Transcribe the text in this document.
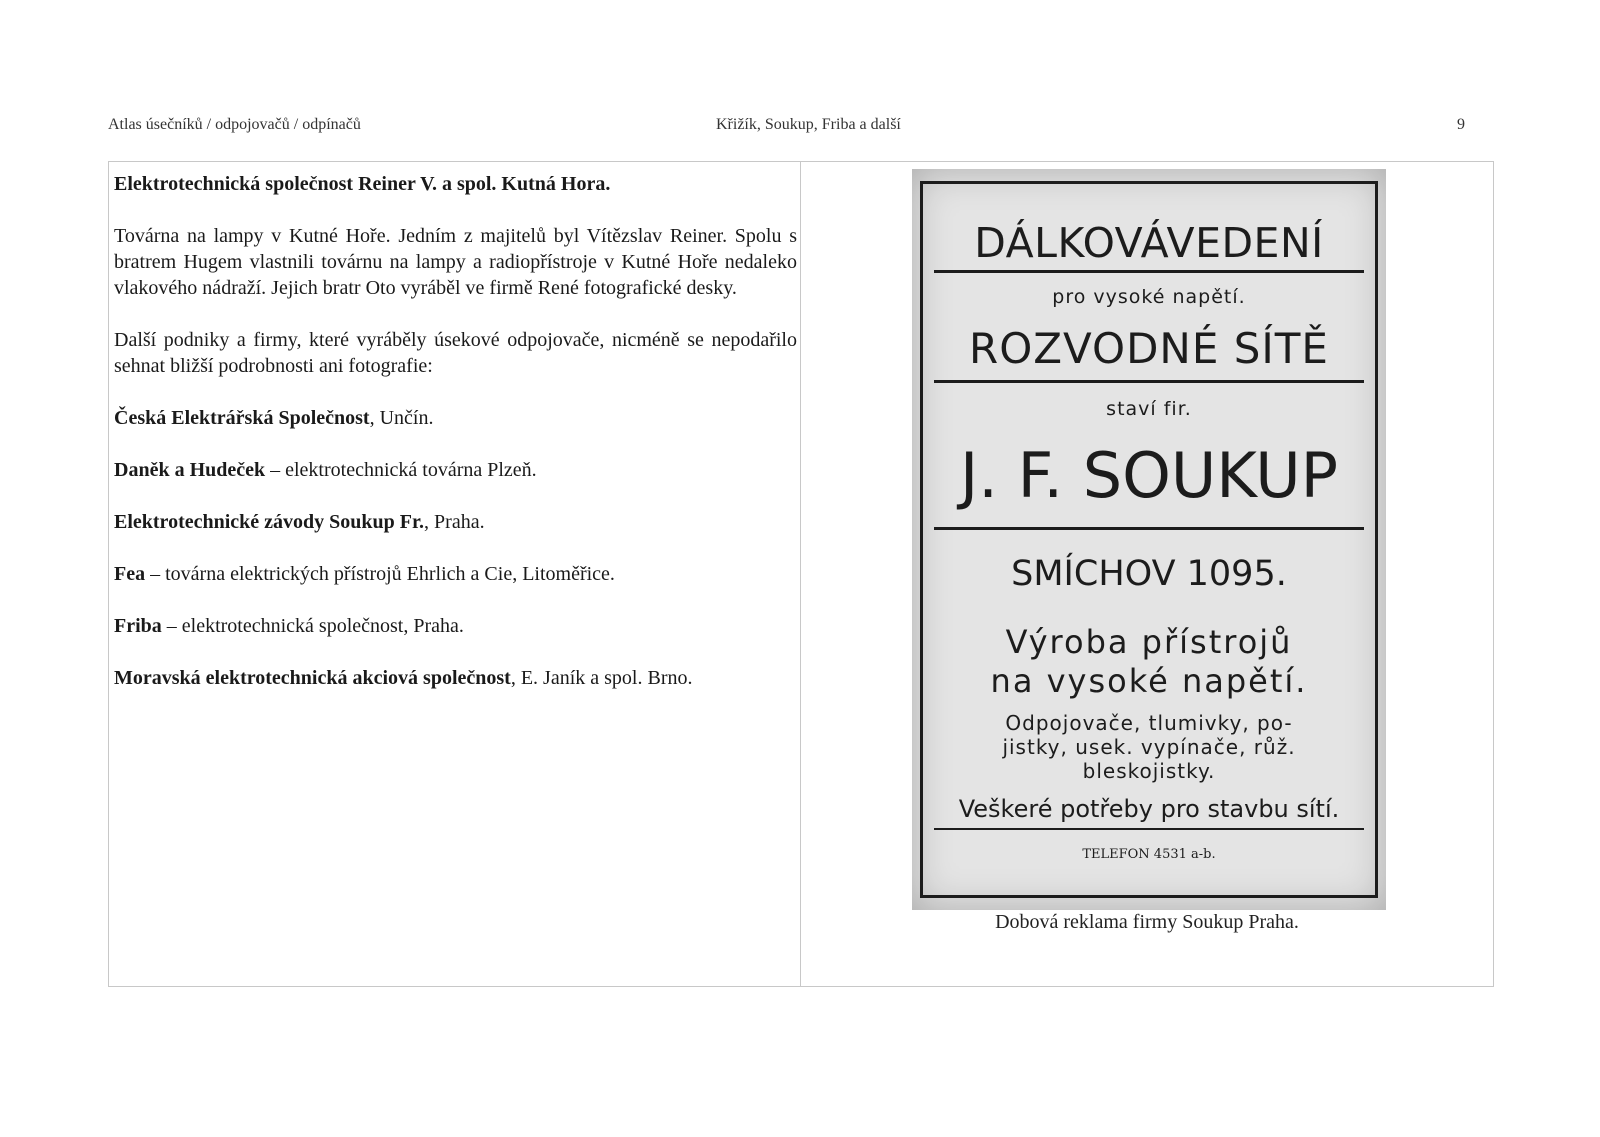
Atlas úsečníků / odpojovačů / odpínačů	Křižík, Soukup, Friba a další	9

Elektrotechnická společnost Reiner V. a spol. Kutná Hora.

Továrna na lampy v Kutné Hoře. Jedním z majitelů byl Vítězslav Reiner. Spolu s bratrem Hugem vlastnili továrnu na lampy a radiopřístroje v Kutné Hoře nedaleko vlakového nádraží. Jejich bratr Oto vyráběl ve firmě René fotografické desky.

Další podniky a firmy, které vyráběly úsekové odpojovače, nicméně se nepodařilo sehnat bližší podrobnosti ani fotografie:

Česká Elektrářská Společnost, Unčín.

Daněk a Hudeček – elektrotechnická továrna Plzeň.

Elektrotechnické závody Soukup Fr., Praha.

Fea – továrna elektrických přístrojů Ehrlich a Cie, Litoměřice.

Friba – elektrotechnická společnost, Praha.

Moravská elektrotechnická akciová společnost, E. Janík a spol. Brno.

DÁLKOVÁVEDENÍ
pro vysoké napětí.
ROZVODNÉ SÍTĚ
staví fir.
J. F. SOUKUP
SMÍCHOV 1095.
Výroba přístrojů
na vysoké napětí.
Odpojovače, tlumivky, po-
jistky, usek. vypínače, růž.
bleskojistky.
Veškeré potřeby pro stavbu sítí.
TELEFON 4531 a-b.
Dobová reklama firmy Soukup Praha.
